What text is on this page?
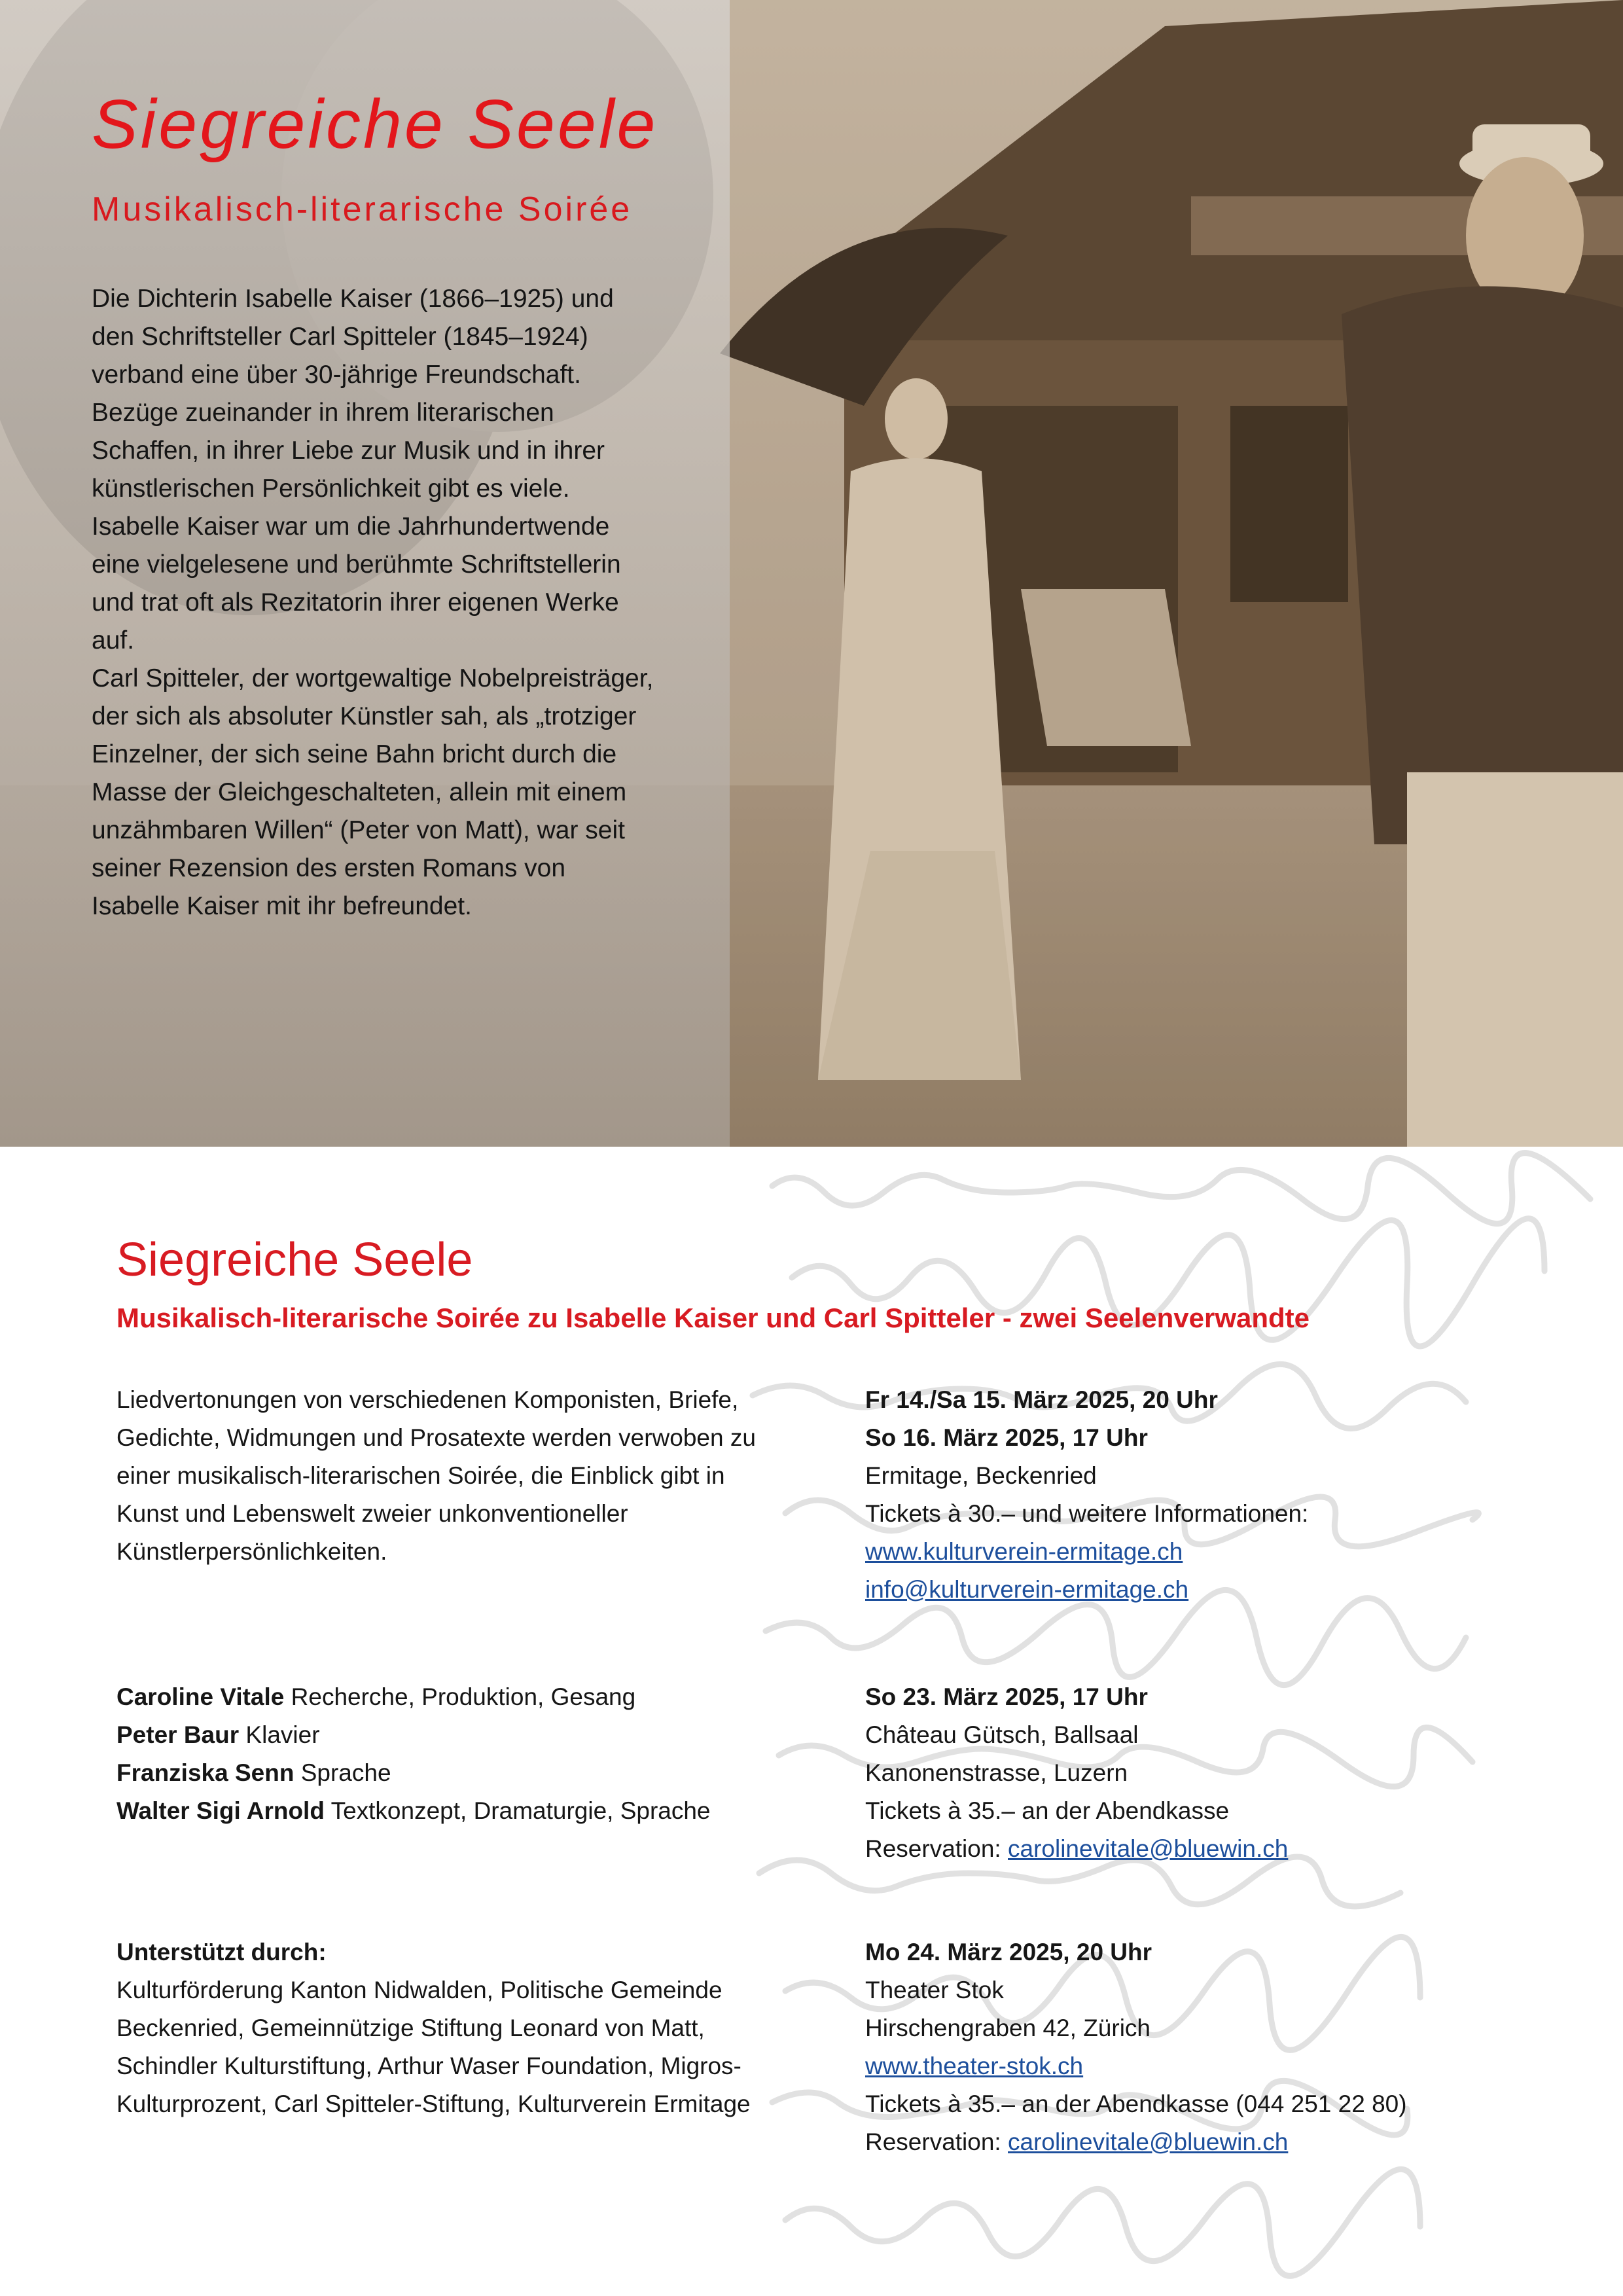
Siegreiche Seele
Musikalisch-literarische Soirée

Die Dichterin Isabelle Kaiser (1866–1925) und den Schriftsteller Carl Spitteler (1845–1924) verband eine über 30-jährige Freundschaft. Bezüge zueinander in ihrem literarischen Schaffen, in ihrer Liebe zur Musik und in ihrer künstlerischen Persönlichkeit gibt es viele.

Isabelle Kaiser war um die Jahrhundertwende eine vielgelesene und berühmte Schriftstellerin und trat oft als Rezitatorin ihrer eigenen Werke auf.

Carl Spitteler, der wortgewaltige Nobelpreisträger, der sich als absoluter Künstler sah, als „trotziger Einzelner, der sich seine Bahn bricht durch die Masse der Gleichgeschalteten, allein mit einem unzähmbaren Willen“ (Peter von Matt), war seit seiner Rezension des ersten Romans von Isabelle Kaiser mit ihr befreundet.

Siegreiche Seele
Musikalisch-literarische Soirée zu Isabelle Kaiser und Carl Spitteler - zwei Seelenverwandte

Liedvertonungen von verschiedenen Komponisten, Briefe, Gedichte, Widmungen und Prosatexte werden verwoben zu einer musikalisch-literarischen Soirée, die Einblick gibt in Kunst und Lebenswelt zweier unkonventioneller Künstlerpersönlichkeiten.

Caroline Vitale Recherche, Produktion, Gesang

Peter Baur Klavier

Franziska Senn Sprache

Walter Sigi Arnold Textkonzept, Dramaturgie, Sprache

Unterstützt durch:

Kulturförderung Kanton Nidwalden, Politische Gemeinde Beckenried, Gemeinnützige Stiftung Leonard von Matt, Schindler Kulturstiftung, Arthur Waser Foundation, Migros-Kulturprozent, Carl Spitteler-Stiftung, Kulturverein Ermitage

Fr 14./Sa 15. März 2025, 20 Uhr

So 16. März 2025, 17 Uhr

Ermitage, Beckenried

Tickets à 30.– und weitere Informationen:

www.kulturverein-ermitage.ch

info@kulturverein-ermitage.ch

So 23. März 2025, 17 Uhr

Château Gütsch, Ballsaal

Kanonenstrasse, Luzern

Tickets à 35.– an der Abendkasse

Reservation: carolinevitale@bluewin.ch

Mo 24. März 2025, 20 Uhr

Theater Stok

Hirschengraben 42, Zürich

www.theater-stok.ch

Tickets à 35.– an der Abendkasse (044 251 22 80)

Reservation: carolinevitale@bluewin.ch
